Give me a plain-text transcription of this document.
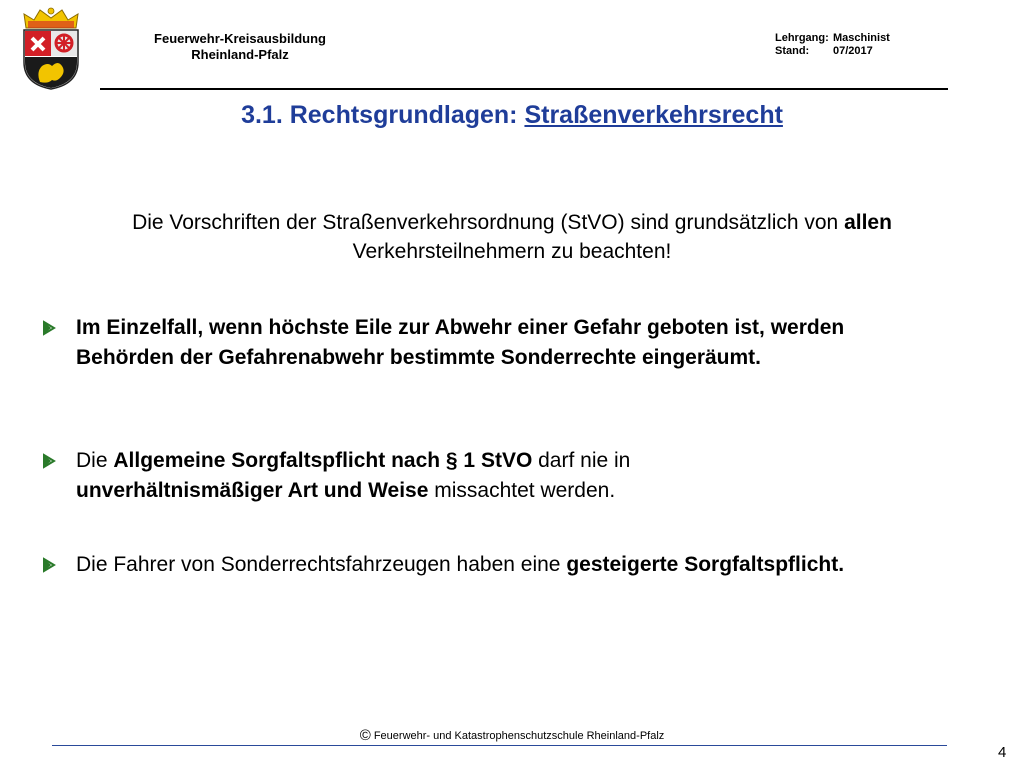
Feuerwehr-Kreisausbildung
Rheinland-Pfalz
Lehrgang: Maschinist
Stand:	07/2017
3.1. Rechtsgrundlagen: Straßenverkehrsrecht
Die Vorschriften der Straßenverkehrsordnung (StVO) sind grundsätzlich von allen
Verkehrsteilnehmern zu beachten!
Im Einzelfall, wenn höchste Eile zur Abwehr einer Gefahr geboten ist, werden Behörden der Gefahrenabwehr bestimmte Sonderrechte eingeräumt.
Die Allgemeine Sorgfaltspflicht nach § 1 StVO darf nie in
unverhältnismäßiger Art und Weise missachtet werden.
Die Fahrer von Sonderrechtsfahrzeugen haben eine gesteigerte Sorgfaltspflicht.
© Feuerwehr- und Katastrophenschutzschule Rheinland-Pfalz
4
